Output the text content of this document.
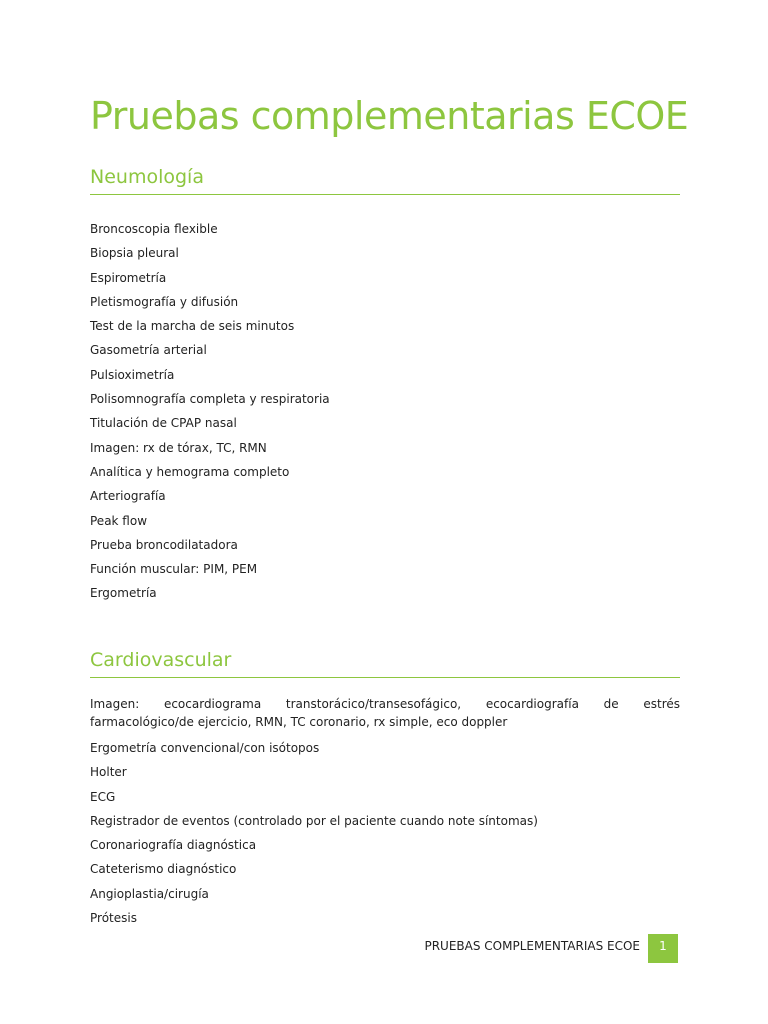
Pruebas complementarias ECOE
Neumología
Broncoscopia flexible
Biopsia pleural
Espirometría
Pletismografía y difusión
Test de la marcha de seis minutos
Gasometría arterial
Pulsioximetría
Polisomnografía completa y respiratoria
Titulación de CPAP nasal
Imagen: rx de tórax, TC, RMN
Analítica y hemograma completo
Arteriografía
Peak flow
Prueba broncodilatadora
Función muscular: PIM, PEM
Ergometría
Cardiovascular
Imagen: ecocardiograma transtorácico/transesofágico, ecocardiografía de estrés farmacológico/de ejercicio, RMN, TC coronario, rx simple, eco doppler
Ergometría convencional/con isótopos
Holter
ECG
Registrador de eventos (controlado por el paciente cuando note síntomas)
Coronariografía diagnóstica
Cateterismo diagnóstico
Angioplastia/cirugía
Prótesis
PRUEBAS COMPLEMENTARIAS ECOE	1
